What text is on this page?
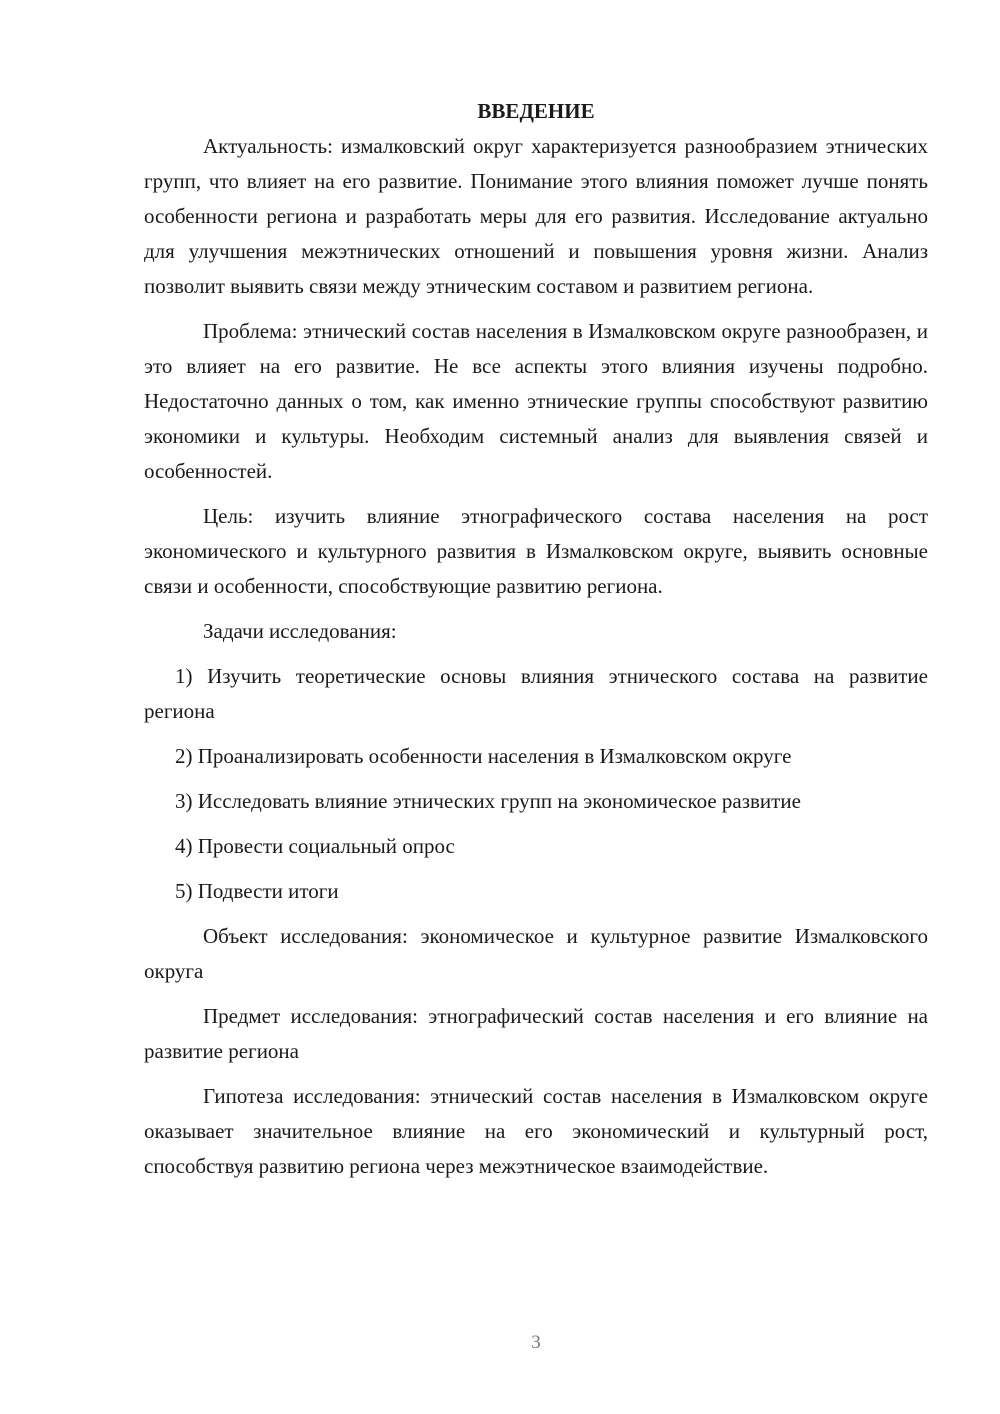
ВВЕДЕНИЕ

Актуальность: измалковский округ характеризуется разнообразием этнических групп, что влияет на его развитие. Понимание этого влияния поможет лучше понять особенности региона и разработать меры для его развития. Исследование актуально для улучшения межэтнических отношений и повышения уровня жизни. Анализ позволит выявить связи между этническим составом и развитием региона.

Проблема: этнический состав населения в Измалковском округе разнообразен, и это влияет на его развитие. Не все аспекты этого влияния изучены подробно. Недостаточно данных о том, как именно этнические группы способствуют развитию экономики и культуры. Необходим системный анализ для выявления связей и особенностей.

Цель: изучить влияние этнографического состава населения на рост экономического и культурного развития в Измалковском округе, выявить основные связи и особенности, способствующие развитию региона.

Задачи исследования:

1) Изучить теоретические основы влияния этнического состава на развитие региона

2) Проанализировать особенности населения в Измалковском округе

3) Исследовать влияние этнических групп на экономическое развитие

4) Провести социальный опрос

5) Подвести итоги

Объект исследования: экономическое и культурное развитие Измалковского округа

Предмет исследования: этнографический состав населения и его влияние на развитие региона

Гипотеза исследования: этнический состав населения в Измалковском округе оказывает значительное влияние на его экономический и культурный рост, способствуя развитию региона через межэтническое взаимодействие.

3
